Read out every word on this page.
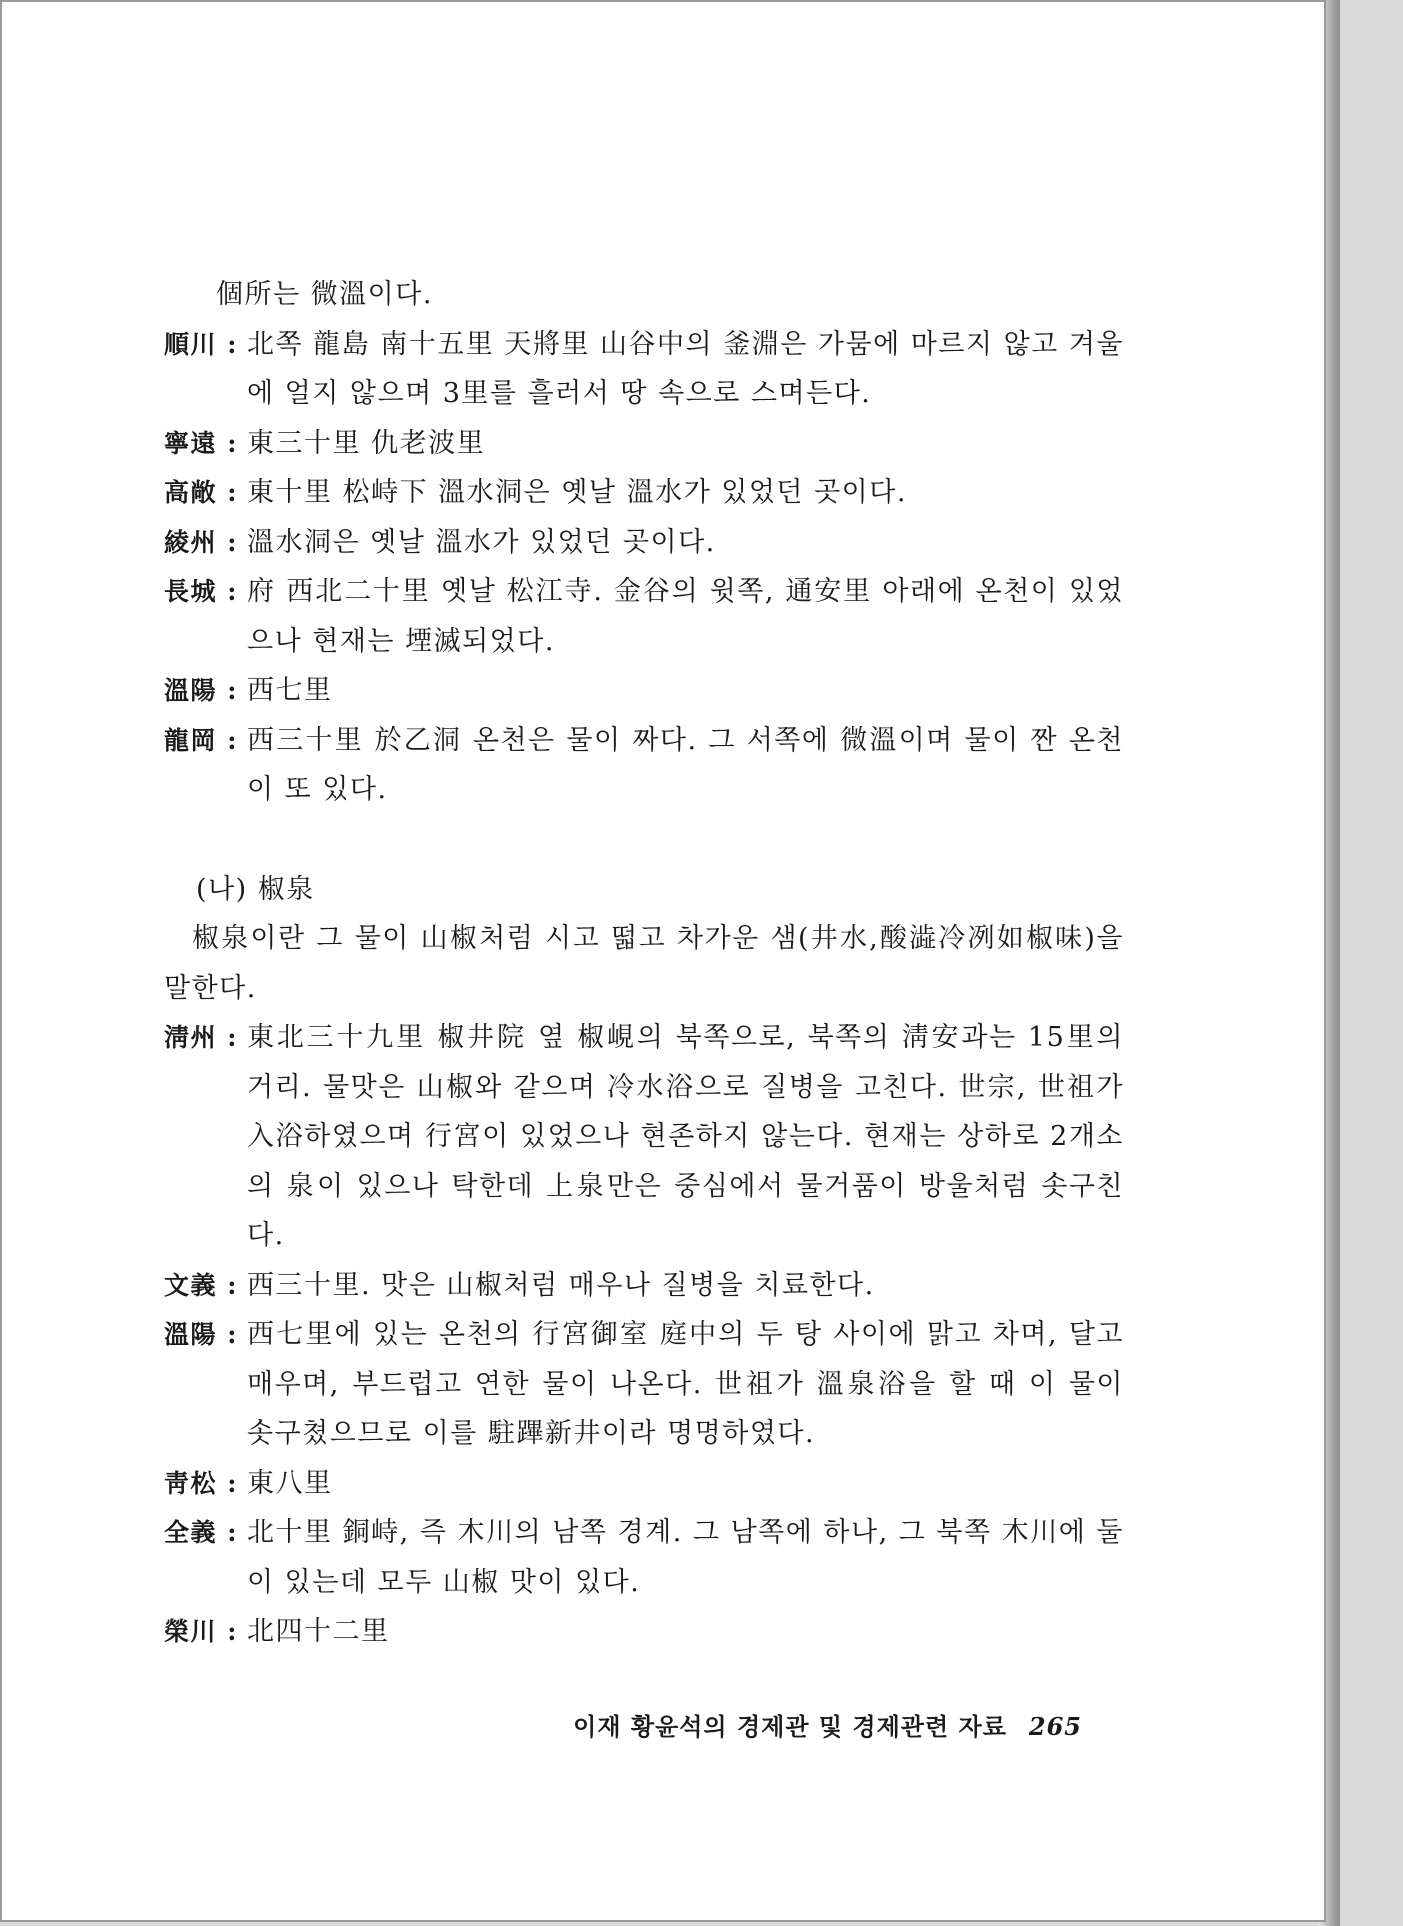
個所는 微溫이다.
順川 : 北쪽 龍島 南十五里 天將里 山谷中의 釜淵은 가뭄에 마르지 않고 겨울에 얼지 않으며 3里를 흘러서 땅 속으로 스며든다.
寧遠 : 東三十里 仇老波里
高敞 : 東十里 松峙下 溫水洞은 옛날 溫水가 있었던 곳이다.
綾州 : 溫水洞은 옛날 溫水가 있었던 곳이다.
長城 : 府 西北二十里 옛날 松江寺. 金谷의 윗쪽, 通安里 아래에 온천이 있었으나 현재는 堙滅되었다.
溫陽 : 西七里
龍岡 : 西三十里 於乙洞 온천은 물이 짜다. 그 서쪽에 微溫이며 물이 짠 온천이 또 있다.
(나) 椒泉
椒泉이란 그 물이 山椒처럼 시고 떫고 차가운 샘(井水,酸澁冷冽如椒味)을 말한다.
淸州 : 東北三十九里 椒井院 옆 椒峴의 북쪽으로, 북쪽의 淸安과는 15里의 거리. 물맛은 山椒와 같으며 冷水浴으로 질병을 고친다. 世宗, 世祖가 入浴하였으며 行宮이 있었으나 현존하지 않는다. 현재는 상하로 2개소의 泉이 있으나 탁한데 上泉만은 중심에서 물거품이 방울처럼 솟구친다.
文義 : 西三十里. 맛은 山椒처럼 매우나 질병을 치료한다.
溫陽 : 西七里에 있는 온천의 行宮御室 庭中의 두 탕 사이에 맑고 차며, 달고 매우며, 부드럽고 연한 물이 나온다. 世祖가 溫泉浴을 할 때 이 물이 솟구쳤으므로 이를 駐蹕新井이라 명명하였다.
靑松 : 東八里
全義 : 北十里 銅峙, 즉 木川의 남쪽 경계. 그 남쪽에 하나, 그 북쪽 木川에 둘이 있는데 모두 山椒 맛이 있다.
榮川 : 北四十二里
이재 황윤석의 경제관 및 경제관련 자료 265
